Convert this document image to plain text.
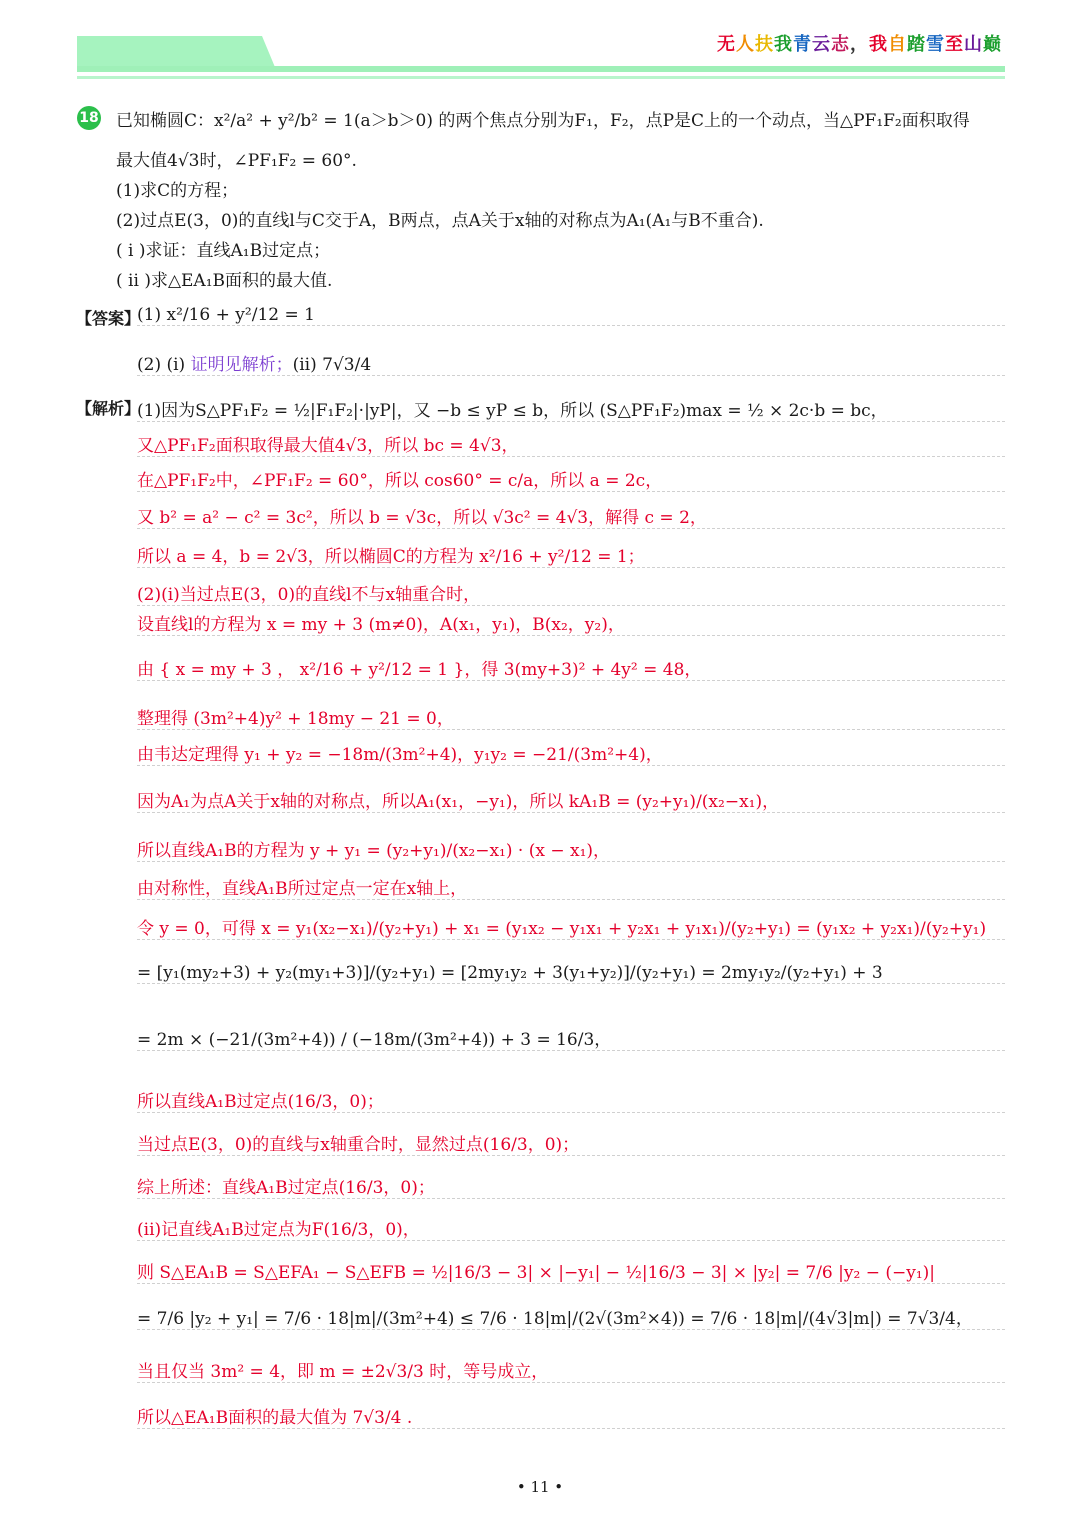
无人扶我青云志，我自踏雪至山巅
18 已知椭圆C：x²/a² + y²/b² = 1(a＞b＞0) 的两个焦点分别为F₁，F₂，点P是C上的一个动点，当△PF₁F₂面积取得
最大值4√3时，∠PF₁F₂ = 60°.
(1)求C的方程；
(2)过点E(3，0)的直线l与C交于A，B两点，点A关于x轴的对称点为A₁(A₁与B不重合).
( i )求证：直线A₁B过定点；
( ii )求△EA₁B面积的最大值.
【答案】
(1) x²/16 + y²/12 = 1
(2) (i) 证明见解析；(ii) 7√3/4
【解析】
(1)因为S△PF₁F₂ = ½|F₁F₂|·|yP|，又 −b ≤ yP ≤ b，所以 (S△PF₁F₂)max = ½ × 2c·b = bc，
又△PF₁F₂面积取得最大值4√3，所以 bc = 4√3，
在△PF₁F₂中，∠PF₁F₂ = 60°，所以 cos60° = c/a，所以 a = 2c，
又 b² = a² − c² = 3c²，所以 b = √3c，所以 √3c² = 4√3，解得 c = 2，
所以 a = 4，b = 2√3，所以椭圆C的方程为 x²/16 + y²/12 = 1；
(2)(i)当过点E(3，0)的直线l不与x轴重合时，
设直线l的方程为 x = my + 3 (m≠0)，A(x₁，y₁)，B(x₂，y₂)，
由 { x = my + 3 ， x²/16 + y²/12 = 1 }，得 3(my+3)² + 4y² = 48，
整理得 (3m²+4)y² + 18my − 21 = 0，
由韦达定理得 y₁ + y₂ = −18m/(3m²+4)，y₁y₂ = −21/(3m²+4)，
因为A₁为点A关于x轴的对称点，所以A₁(x₁，−y₁)，所以 kA₁B = (y₂+y₁)/(x₂−x₁)，
所以直线A₁B的方程为 y + y₁ = (y₂+y₁)/(x₂−x₁) · (x − x₁)，
由对称性，直线A₁B所过定点一定在x轴上，
令 y = 0，可得 x = y₁(x₂−x₁)/(y₂+y₁) + x₁ = (y₁x₂ − y₁x₁ + y₂x₁ + y₁x₁)/(y₂+y₁) = (y₁x₂ + y₂x₁)/(y₂+y₁)
= [y₁(my₂+3) + y₂(my₁+3)]/(y₂+y₁) = [2my₁y₂ + 3(y₁+y₂)]/(y₂+y₁) = 2my₁y₂/(y₂+y₁) + 3
= 2m × (−21/(3m²+4)) / (−18m/(3m²+4)) + 3 = 16/3，
所以直线A₁B过定点(16/3，0)；
当过点E(3，0)的直线与x轴重合时，显然过点(16/3，0)；
综上所述：直线A₁B过定点(16/3，0)；
(ii)记直线A₁B过定点为F(16/3，0)，
则 S△EA₁B = S△EFA₁ − S△EFB = ½|16/3 − 3| × |−y₁| − ½|16/3 − 3| × |y₂| = 7/6 |y₂ − (−y₁)|
= 7/6 |y₂ + y₁| = 7/6 · 18|m|/(3m²+4) ≤ 7/6 · 18|m|/(2√(3m²×4)) = 7/6 · 18|m|/(4√3|m|) = 7√3/4，
当且仅当 3m² = 4，即 m = ±2√3/3 时，等号成立，
所以△EA₁B面积的最大值为 7√3/4 .
• 11 •
